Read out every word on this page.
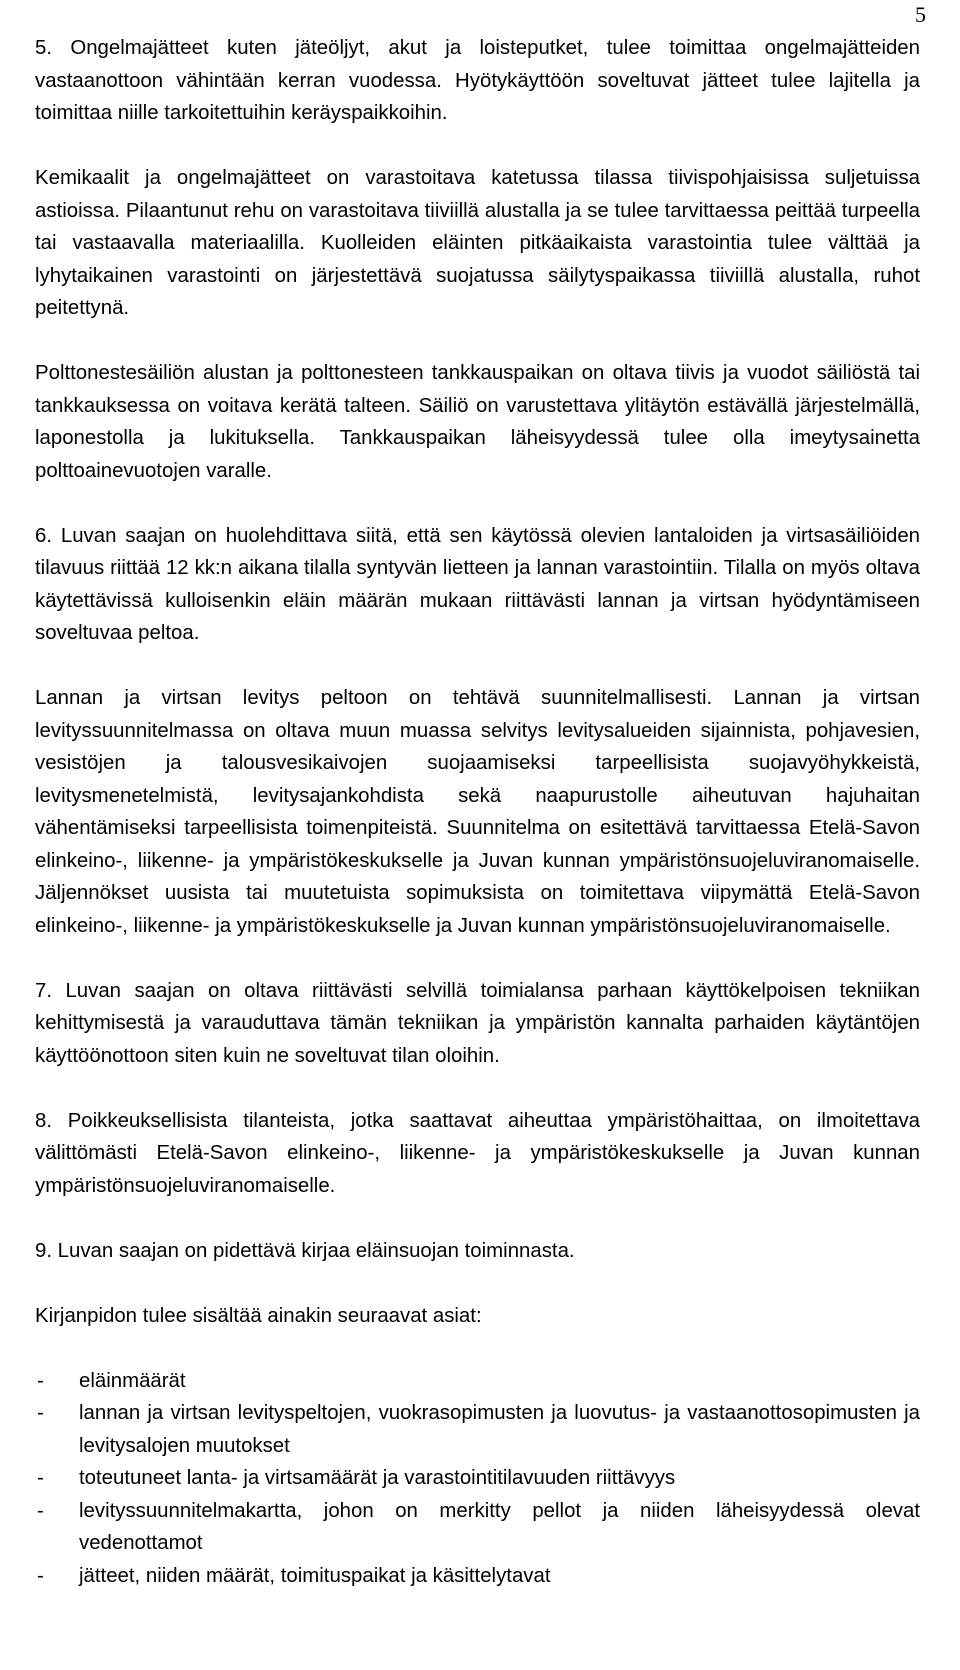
5

5. Ongelmajätteet kuten jäteöljyt, akut ja loisteputket, tulee toimittaa ongelmajätteiden vastaanottoon vähintään kerran vuodessa. Hyötykäyttöön soveltuvat jätteet tulee lajitella ja toimittaa niille tarkoitettuihin keräyspaikkoihin.

Kemikaalit ja ongelmajätteet on varastoitava katetussa tilassa tiivispohjaisissa suljetuissa astioissa. Pilaantunut rehu on varastoitava tiiviillä alustalla ja se tulee tarvittaessa peittää turpeella tai vastaavalla materiaalilla. Kuolleiden eläinten pitkäaikaista varastointia tulee välttää ja lyhytaikainen varastointi on järjestettävä suojatussa säilytyspaikassa tiiviillä alustalla, ruhot peitettynä.

Polttonestesäiliön alustan ja polttonesteen tankkauspaikan on oltava tiivis ja vuodot säiliöstä tai tankkauksessa on voitava kerätä talteen. Säiliö on varustettava ylitäytön estävällä järjestelmällä, laponestolla ja lukituksella. Tankkauspaikan läheisyydessä tulee olla imeytysainetta polttoainevuotojen varalle.

6. Luvan saajan on huolehdittava siitä, että sen käytössä olevien lantaloiden ja virtsasäiliöiden tilavuus riittää 12 kk:n aikana tilalla syntyvän lietteen ja lannan varastointiin. Tilalla on myös oltava käytettävissä kulloisenkin eläin määrän mukaan riittävästi lannan ja virtsan hyödyntämiseen soveltuvaa peltoa.

Lannan ja virtsan levitys peltoon on tehtävä suunnitelmallisesti. Lannan ja virtsan levityssuunnitelmassa on oltava muun muassa selvitys levitysalueiden sijainnista, pohjavesien, vesistöjen ja talousvesikaivojen suojaamiseksi tarpeellisista suojavyöhykkeistä, levitysmenetelmistä, levitysajankohdista sekä naapurustolle aiheutuvan hajuhaitan vähentämiseksi tarpeellisista toimenpiteistä. Suunnitelma on esitettävä tarvittaessa Etelä-Savon elinkeino-, liikenne- ja ympäristökeskukselle ja Juvan kunnan ympäristönsuojeluviranomaiselle. Jäljennökset uusista tai muutetuista sopimuksista on toimitettava viipymättä Etelä-Savon elinkeino-, liikenne- ja ympäristökeskukselle ja Juvan kunnan ympäristönsuojeluviranomaiselle.

7. Luvan saajan on oltava riittävästi selvillä toimialansa parhaan käyttökelpoisen tekniikan kehittymisestä ja varauduttava tämän tekniikan ja ympäristön kannalta parhaiden käytäntöjen käyttöönottoon siten kuin ne soveltuvat tilan oloihin.

8. Poikkeuksellisista tilanteista, jotka saattavat aiheuttaa ympäristöhaittaa, on ilmoitettava välittömästi Etelä-Savon elinkeino-, liikenne- ja ympäristökeskukselle ja Juvan kunnan ympäristönsuojeluviranomaiselle.

9. Luvan saajan on pidettävä kirjaa eläinsuojan toiminnasta.

Kirjanpidon tulee sisältää ainakin seuraavat asiat:

-	eläinmäärät
-	lannan ja virtsan levityspeltojen, vuokrasopimusten ja luovutus- ja vastaanottosopimusten ja levitysalojen muutokset
-	toteutuneet lanta- ja virtsamäärät ja varastointitilavuuden riittävyys
-	levityssuunnitelmakartta, johon on merkitty pellot ja niiden läheisyydessä olevat vedenottamot
-	jätteet, niiden määrät, toimituspaikat ja käsittelytavat
